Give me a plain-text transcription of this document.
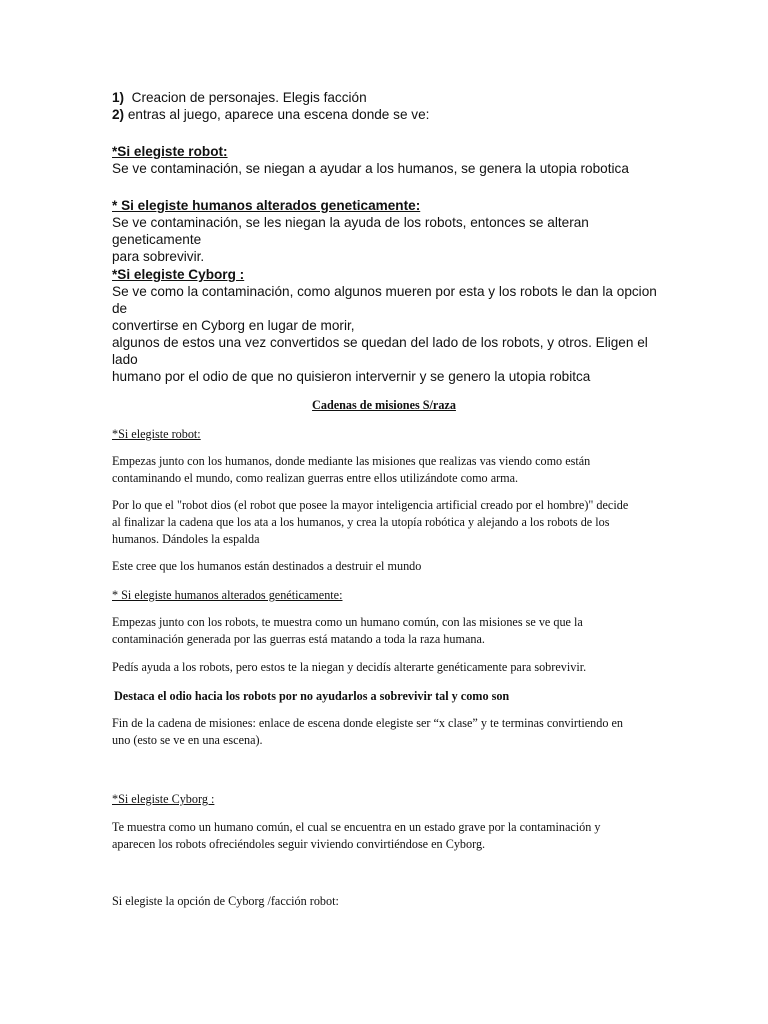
1) Creacion de personajes. Elegis facción

2) entras al juego, aparece una escena donde se ve:

*Si elegiste robot:

Se ve contaminación, se niegan a ayudar a los humanos, se genera la utopia robotica

* Si elegiste humanos alterados geneticamente:

Se ve contaminación, se les niegan la ayuda de los robots, entonces se alteran geneticamente

para sobrevivir.

*Si elegiste Cyborg :

Se ve como la contaminación, como algunos mueren por esta y los robots le dan la opcion de

convertirse en Cyborg en lugar de morir,

algunos de estos una vez convertidos se quedan del lado de los robots, y otros. Eligen el lado

humano por el odio de que no quisieron intervernir y se genero la utopia robitca

Cadenas de misiones S/raza
*Si elegiste robot:

Empezas junto con los humanos, donde mediante las misiones que realizas vas viendo como están

contaminando el mundo, como realizan guerras entre ellos utilizándote como arma.

Por lo que el "robot dios (el robot que posee la mayor inteligencia artificial creado por el hombre)" decide

al finalizar la cadena que los ata a los humanos, y crea la utopía robótica y alejando a los robots de los

humanos. Dándoles la espalda

Este cree que los humanos están destinados a destruir el mundo
* Si elegiste humanos alterados genéticamente:

Empezas junto con los robots, te muestra como un humano común, con las misiones se ve que la

contaminación generada por las guerras está matando a toda la raza humana.

Pedís ayuda a los robots, pero estos te la niegan y decidís alterarte genéticamente para sobrevivir.
Destaca el odio hacia los robots por no ayudarlos a sobrevivir tal y como son

Fin de la cadena de misiones: enlace de escena donde elegiste ser “x clase” y te terminas convirtiendo en

uno (esto se ve en una escena).

*Si elegiste Cyborg :

Te muestra como un humano común, el cual se encuentra en un estado grave por la contaminación y

aparecen los robots ofreciéndoles seguir viviendo convirtiéndose en Cyborg.

Si elegiste la opción de Cyborg /facción robot:
